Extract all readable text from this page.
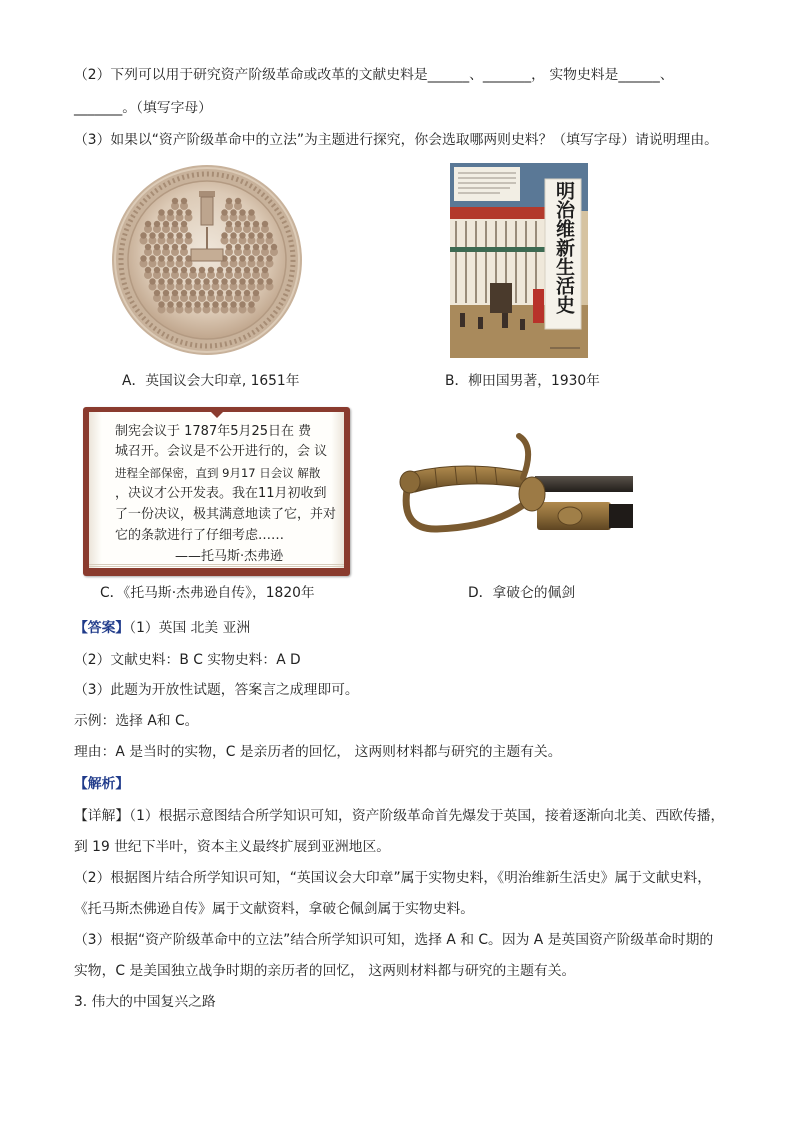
（2）下列可以用于研究资产阶级革命或改革的文献史料是______、_______， 实物史料是______、
_______。（填写字母）
（3）如果以“资产阶级革命中的立法”为主题进行探究，你会选取哪两则史料？（填写字母）请说明理由。
A．英国议会大印章, 1651年
明治维新生活史
B．柳田国男著，1930年
制宪会议于 1787年5月25日在 费
城召开。会议是不公开进行的，会 议
进程全部保密，直到 9月17 日会议 解散
，决议才公开发表。我在11月初收到
了一份决议，极其满意地读了它，并对
它的条款进行了仔细考虑……
——托马斯·杰弗逊
C．《托马斯·杰弗逊自传》，1820年	D．拿破仑的佩剑
【答案】（1）英国 北美 亚洲
（2）文献史料：B C 实物史料：A D
（3）此题为开放性试题，答案言之成理即可。
示例：选择 A和 C。
理由：A 是当时的实物，C 是亲历者的回忆， 这两则材料都与研究的主题有关。
【解析】
【详解】（1）根据示意图结合所学知识可知，资产阶级革命首先爆发于英国，接着逐渐向北美、西欧传播，
到 19 世纪下半叶，资本主义最终扩展到亚洲地区。
（2）根据图片结合所学知识可知，“英国议会大印章”属于实物史料，《明治维新生活史》属于文献史料，
《托马斯杰佛逊自传》属于文献资料，拿破仑佩剑属于实物史料。
（3）根据“资产阶级革命中的立法”结合所学知识可知，选择 A 和 C。因为 A 是英国资产阶级革命时期的
实物，C 是美国独立战争时期的亲历者的回忆， 这两则材料都与研究的主题有关。
3. 伟大的中国复兴之路
